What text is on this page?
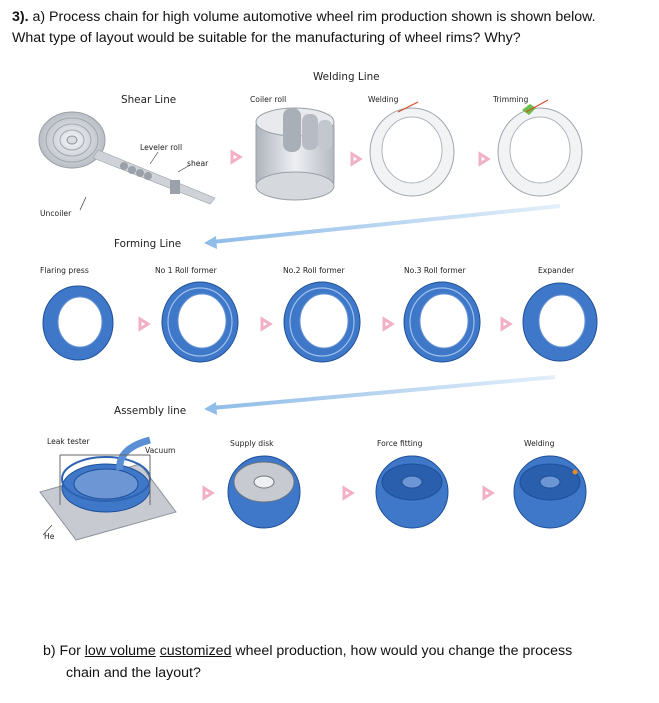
3). a) Process chain for high volume automotive wheel rim production shown is shown below.
What type of layout would be suitable for the manufacturing of wheel rims? Why?
Welding Line
Shear Line	Coiler roll	Welding	Trimming
Leveler roll
shear
Uncoiler
Forming Line
Flaring press	No 1 Roll former	No.2 Roll former	No.3 Roll former	Expander
Assembly line
Leak tester
Vacuum
Supply disk	Force fitting	Welding
He
b) For low volume customized wheel production, how would you change the process
chain and the layout?
